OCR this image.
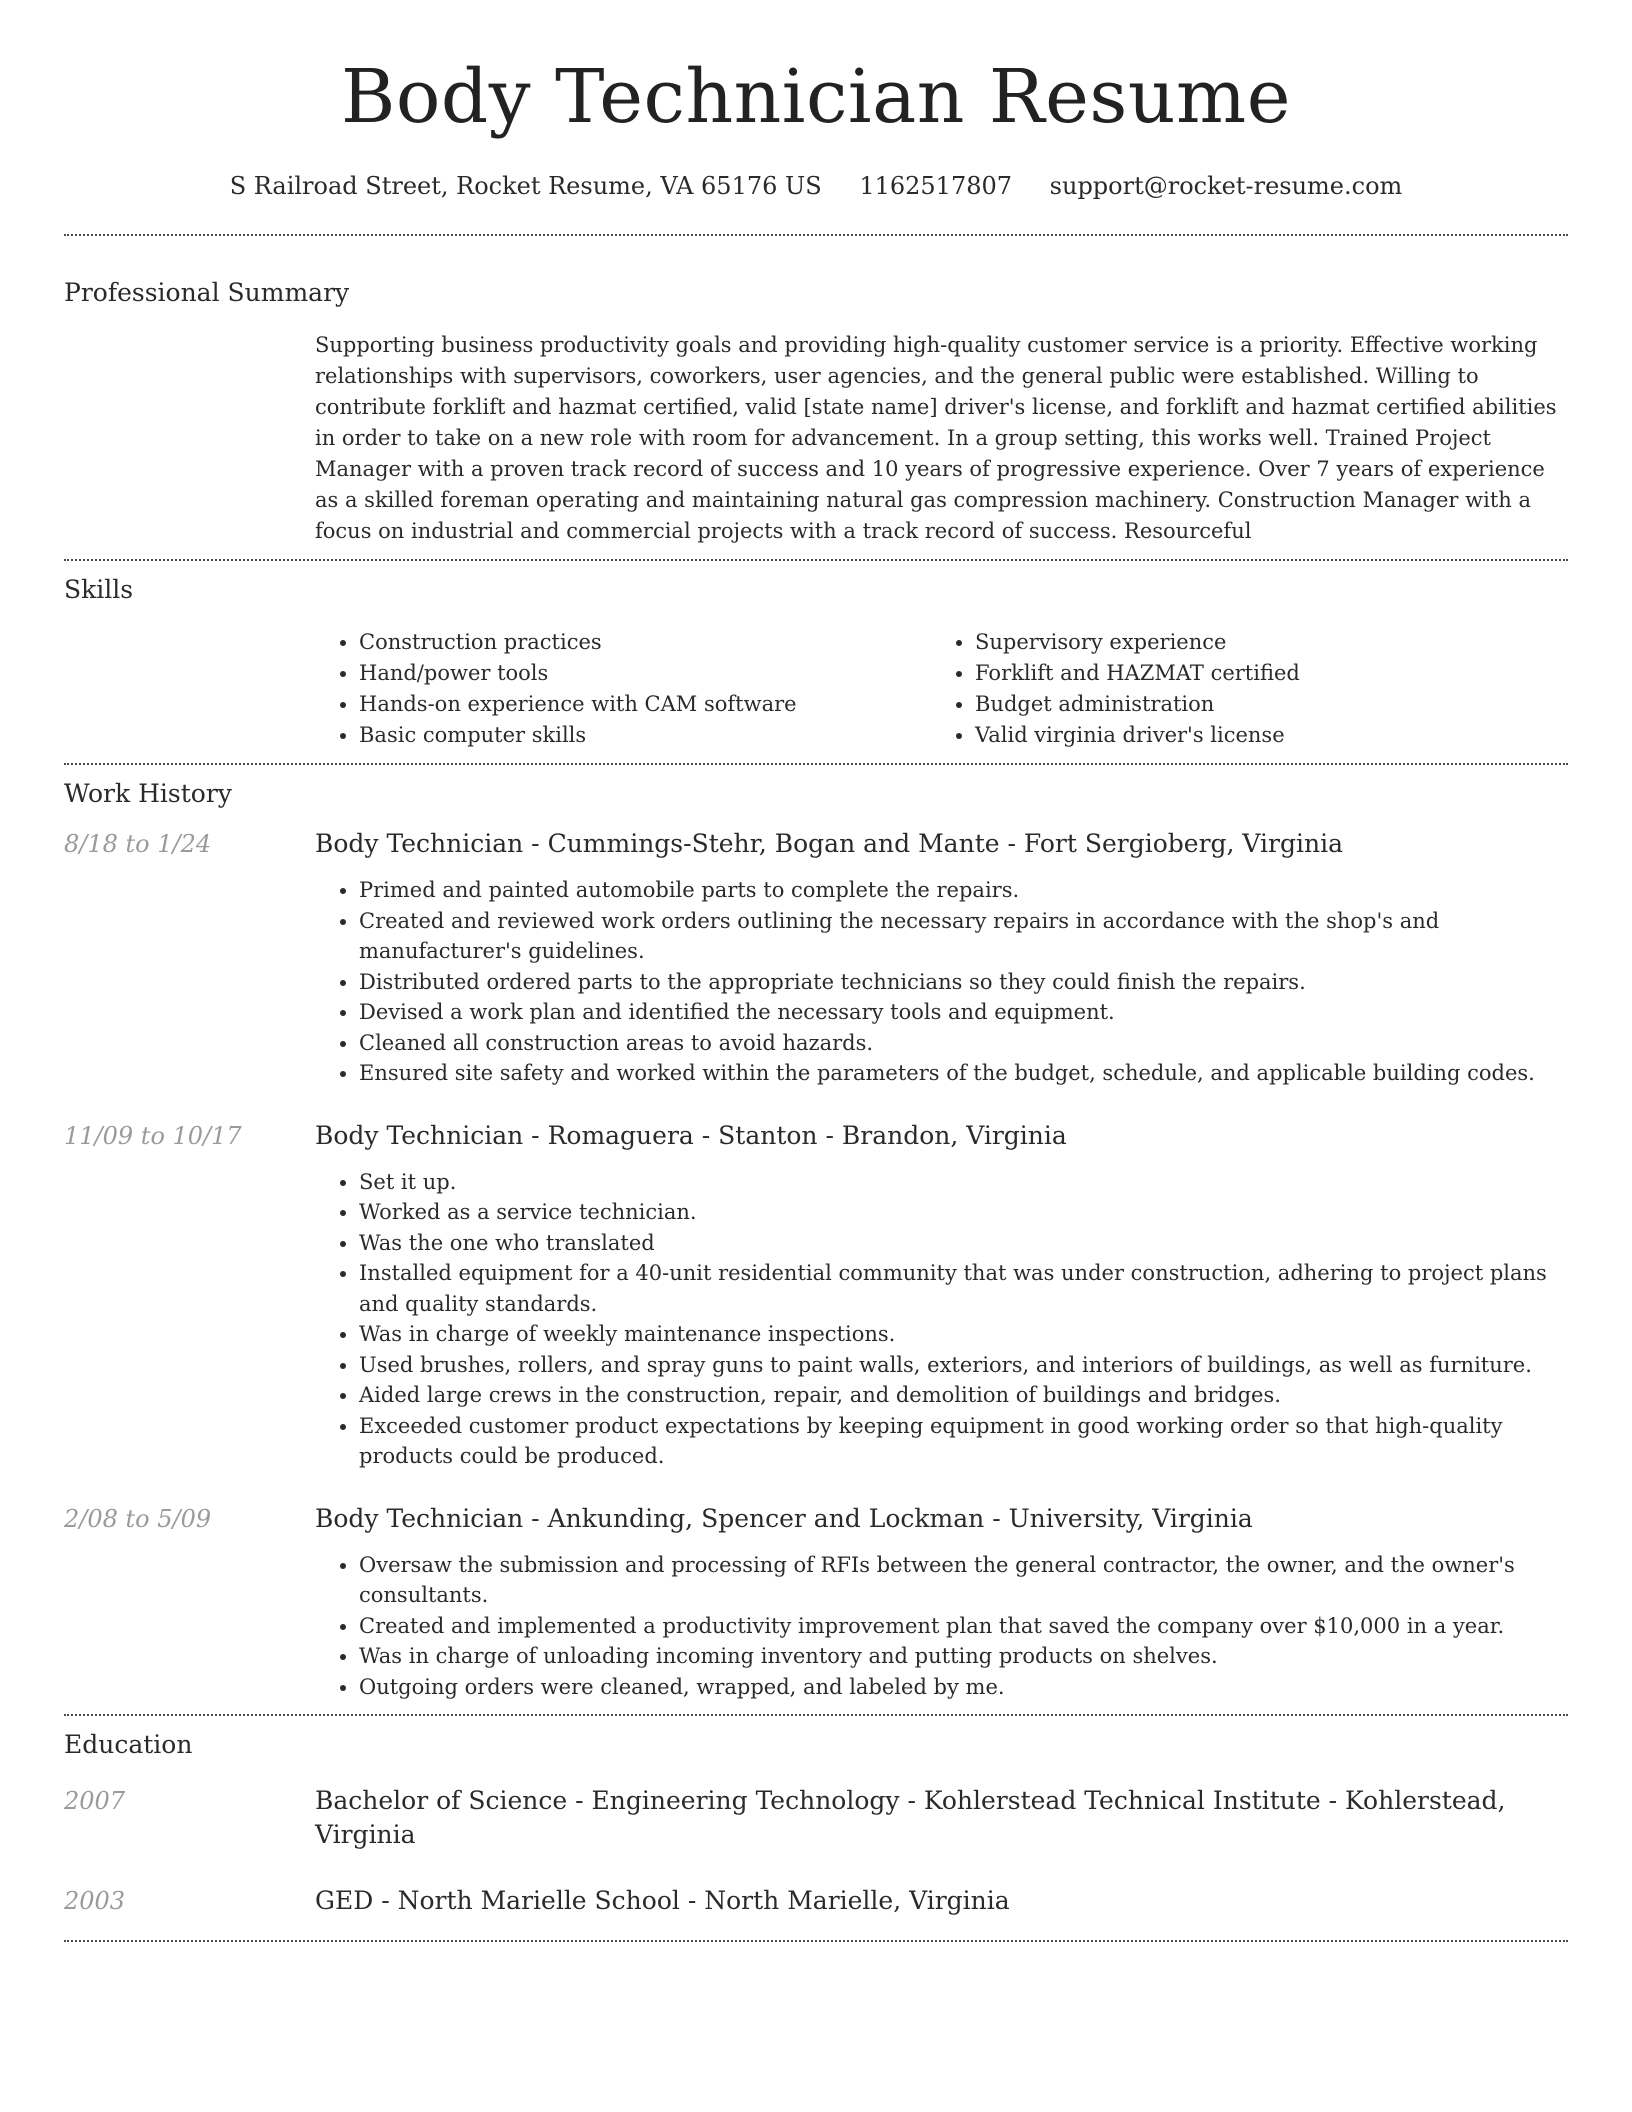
Body Technician Resume
S Railroad Street, Rocket Resume, VA 65176 US 1162517807 support@rocket-resume.com
Professional Summary
Supporting business productivity goals and providing high-quality customer service is a priority. Effective working relationships with supervisors, coworkers, user agencies, and the general public were established. Willing to contribute forklift and hazmat certified, valid [state name] driver's license, and forklift and hazmat certified abilities in order to take on a new role with room for advancement. In a group setting, this works well. Trained Project Manager with a proven track record of success and 10 years of progressive experience. Over 7 years of experience as a skilled foreman operating and maintaining natural gas compression machinery. Construction Manager with a focus on industrial and commercial projects with a track record of success. Resourceful
Skills
• Construction practices
• Hand/power tools
• Hands-on experience with CAM software
• Basic computer skills
• Supervisory experience
• Forklift and HAZMAT certified
• Budget administration
• Valid virginia driver's license
Work History
8/18 to 1/24	Body Technician - Cummings-Stehr, Bogan and Mante - Fort Sergioberg, Virginia
• Primed and painted automobile parts to complete the repairs.
• Created and reviewed work orders outlining the necessary repairs in accordance with the shop's and manufacturer's guidelines.
• Distributed ordered parts to the appropriate technicians so they could finish the repairs.
• Devised a work plan and identified the necessary tools and equipment.
• Cleaned all construction areas to avoid hazards.
• Ensured site safety and worked within the parameters of the budget, schedule, and applicable building codes.
11/09 to 10/17	Body Technician - Romaguera - Stanton - Brandon, Virginia
• Set it up.
• Worked as a service technician.
• Was the one who translated
• Installed equipment for a 40-unit residential community that was under construction, adhering to project plans and quality standards.
• Was in charge of weekly maintenance inspections.
• Used brushes, rollers, and spray guns to paint walls, exteriors, and interiors of buildings, as well as furniture.
• Aided large crews in the construction, repair, and demolition of buildings and bridges.
• Exceeded customer product expectations by keeping equipment in good working order so that high-quality products could be produced.
2/08 to 5/09	Body Technician - Ankunding, Spencer and Lockman - University, Virginia
• Oversaw the submission and processing of RFIs between the general contractor, the owner, and the owner's consultants.
• Created and implemented a productivity improvement plan that saved the company over $10,000 in a year.
• Was in charge of unloading incoming inventory and putting products on shelves.
• Outgoing orders were cleaned, wrapped, and labeled by me.
Education
2007	Bachelor of Science - Engineering Technology - Kohlerstead Technical Institute - Kohlerstead, Virginia
2003	GED - North Marielle School - North Marielle, Virginia
